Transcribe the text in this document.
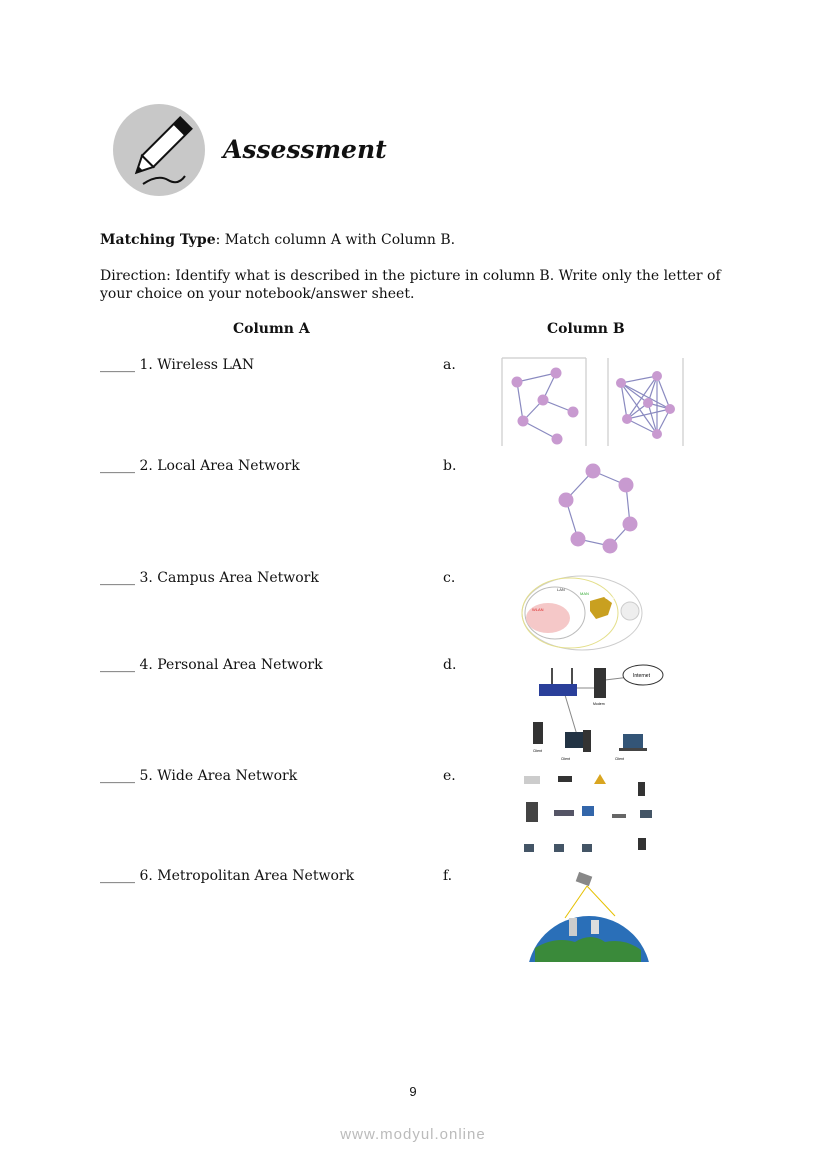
Assessment
Matching Type: Match column A with Column B.
Direction: Identify what is described in the picture in column B. Write only the letter of your choice on your notebook/answer sheet.
Column A	Column B
_____ 1. Wireless LAN
_____ 2. Local Area Network
_____ 3. Campus Area Network
_____ 4. Personal Area Network
_____ 5. Wide Area Network
_____ 6. Metropolitan Area Network
a.
b.
c.
d.
e.
f.
LAN
WLAN
MAN
WAN
Internet
Modem
Client
Client	Client
9
www.modyul.online
